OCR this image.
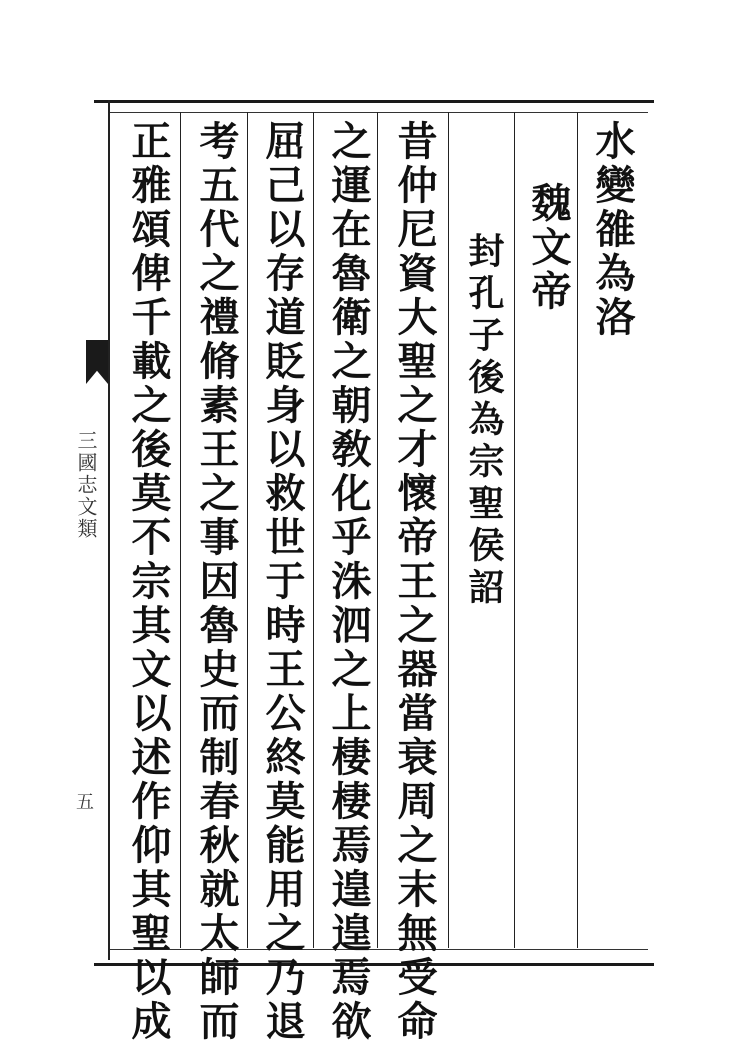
三國志文類
五
水變雒為洛
魏文帝
封孔子後為宗聖侯詔
昔仲尼資大聖之才懷帝王之器當衰周之末無受命
之運在魯衛之朝敎化乎洙泗之上棲棲焉遑遑焉欲
屈己以存道貶身以救世于時王公終莫能用之乃退
考五代之禮脩素王之事因魯史而制春秋就太師而
正雅頌俾千載之後莫不宗其文以述作仰其聖以成
